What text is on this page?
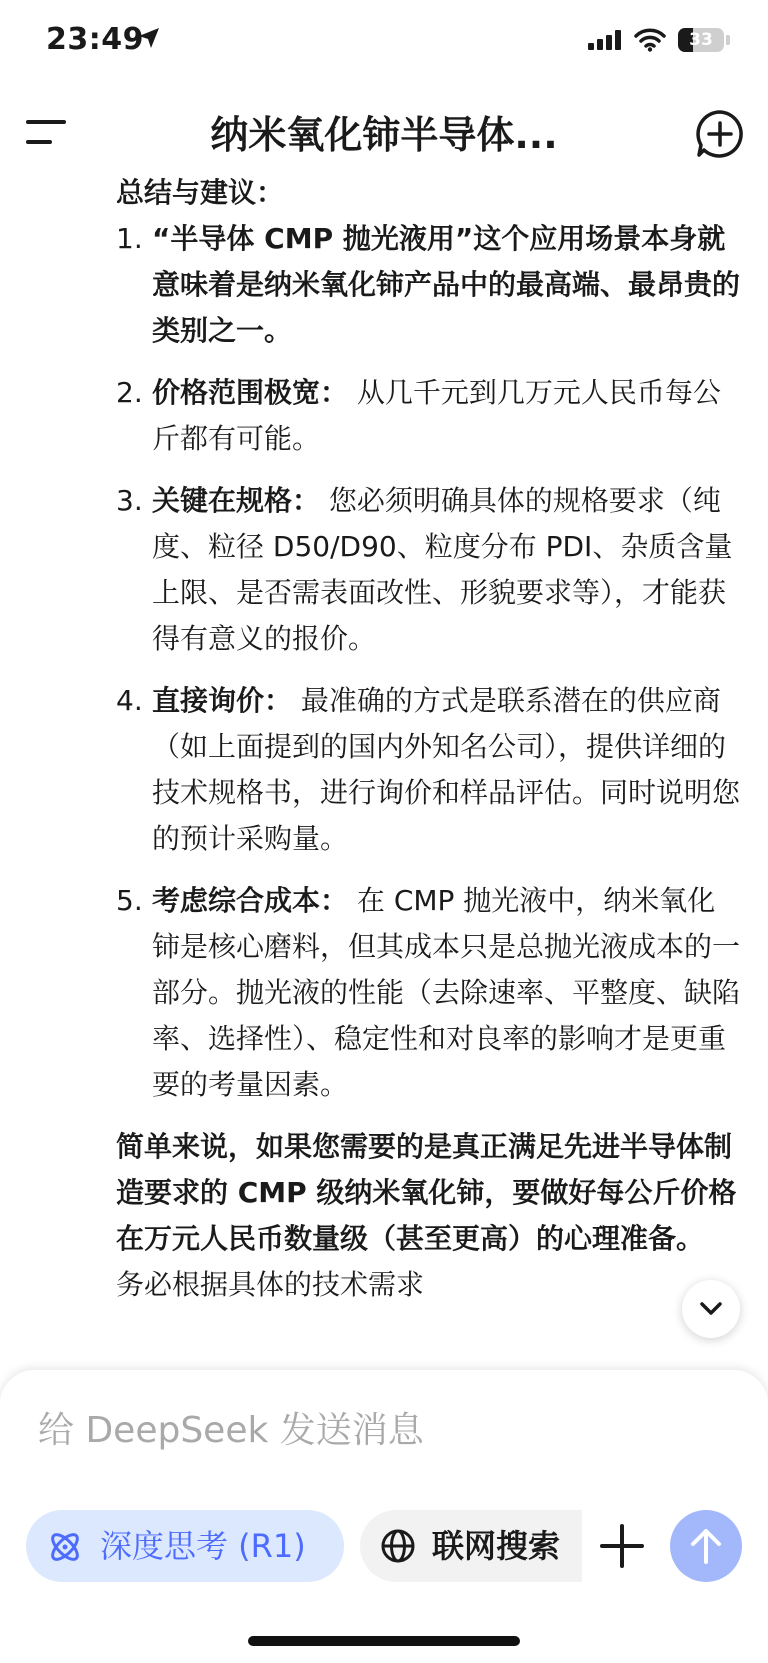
23:49	33
纳米氧化铈半导体...

总结与建议：

1. “半导体 CMP 抛光液用”这个应用场景本身就意味着是纳米氧化铈产品中的最高端、最昂贵的类别之一。
2. 价格范围极宽： 从几千元到几万元人民币每公斤都有可能。
3. 关键在规格： 您必须明确具体的规格要求（纯度、粒径 D50/D90、粒度分布 PDI、杂质含量上限、是否需表面改性、形貌要求等），才能获得有意义的报价。
4. 直接询价： 最准确的方式是联系潜在的供应商（如上面提到的国内外知名公司），提供详细的技术规格书，进行询价和样品评估。同时说明您的预计采购量。
5. 考虑综合成本： 在 CMP 抛光液中，纳米氧化铈是核心磨料，但其成本只是总抛光液成本的一部分。抛光液的性能（去除速率、平整度、缺陷率、选择性）、稳定性和对良率的影响才是更重要的考量因素。

简单来说，如果您需要的是真正满足先进半导体制造要求的 CMP 级纳米氧化铈，要做好每公斤价格在万元人民币数量级（甚至更高）的心理准备。 务必根据具体的技术需求

给 DeepSeek 发送消息
深度思考 (R1)	联网搜索
